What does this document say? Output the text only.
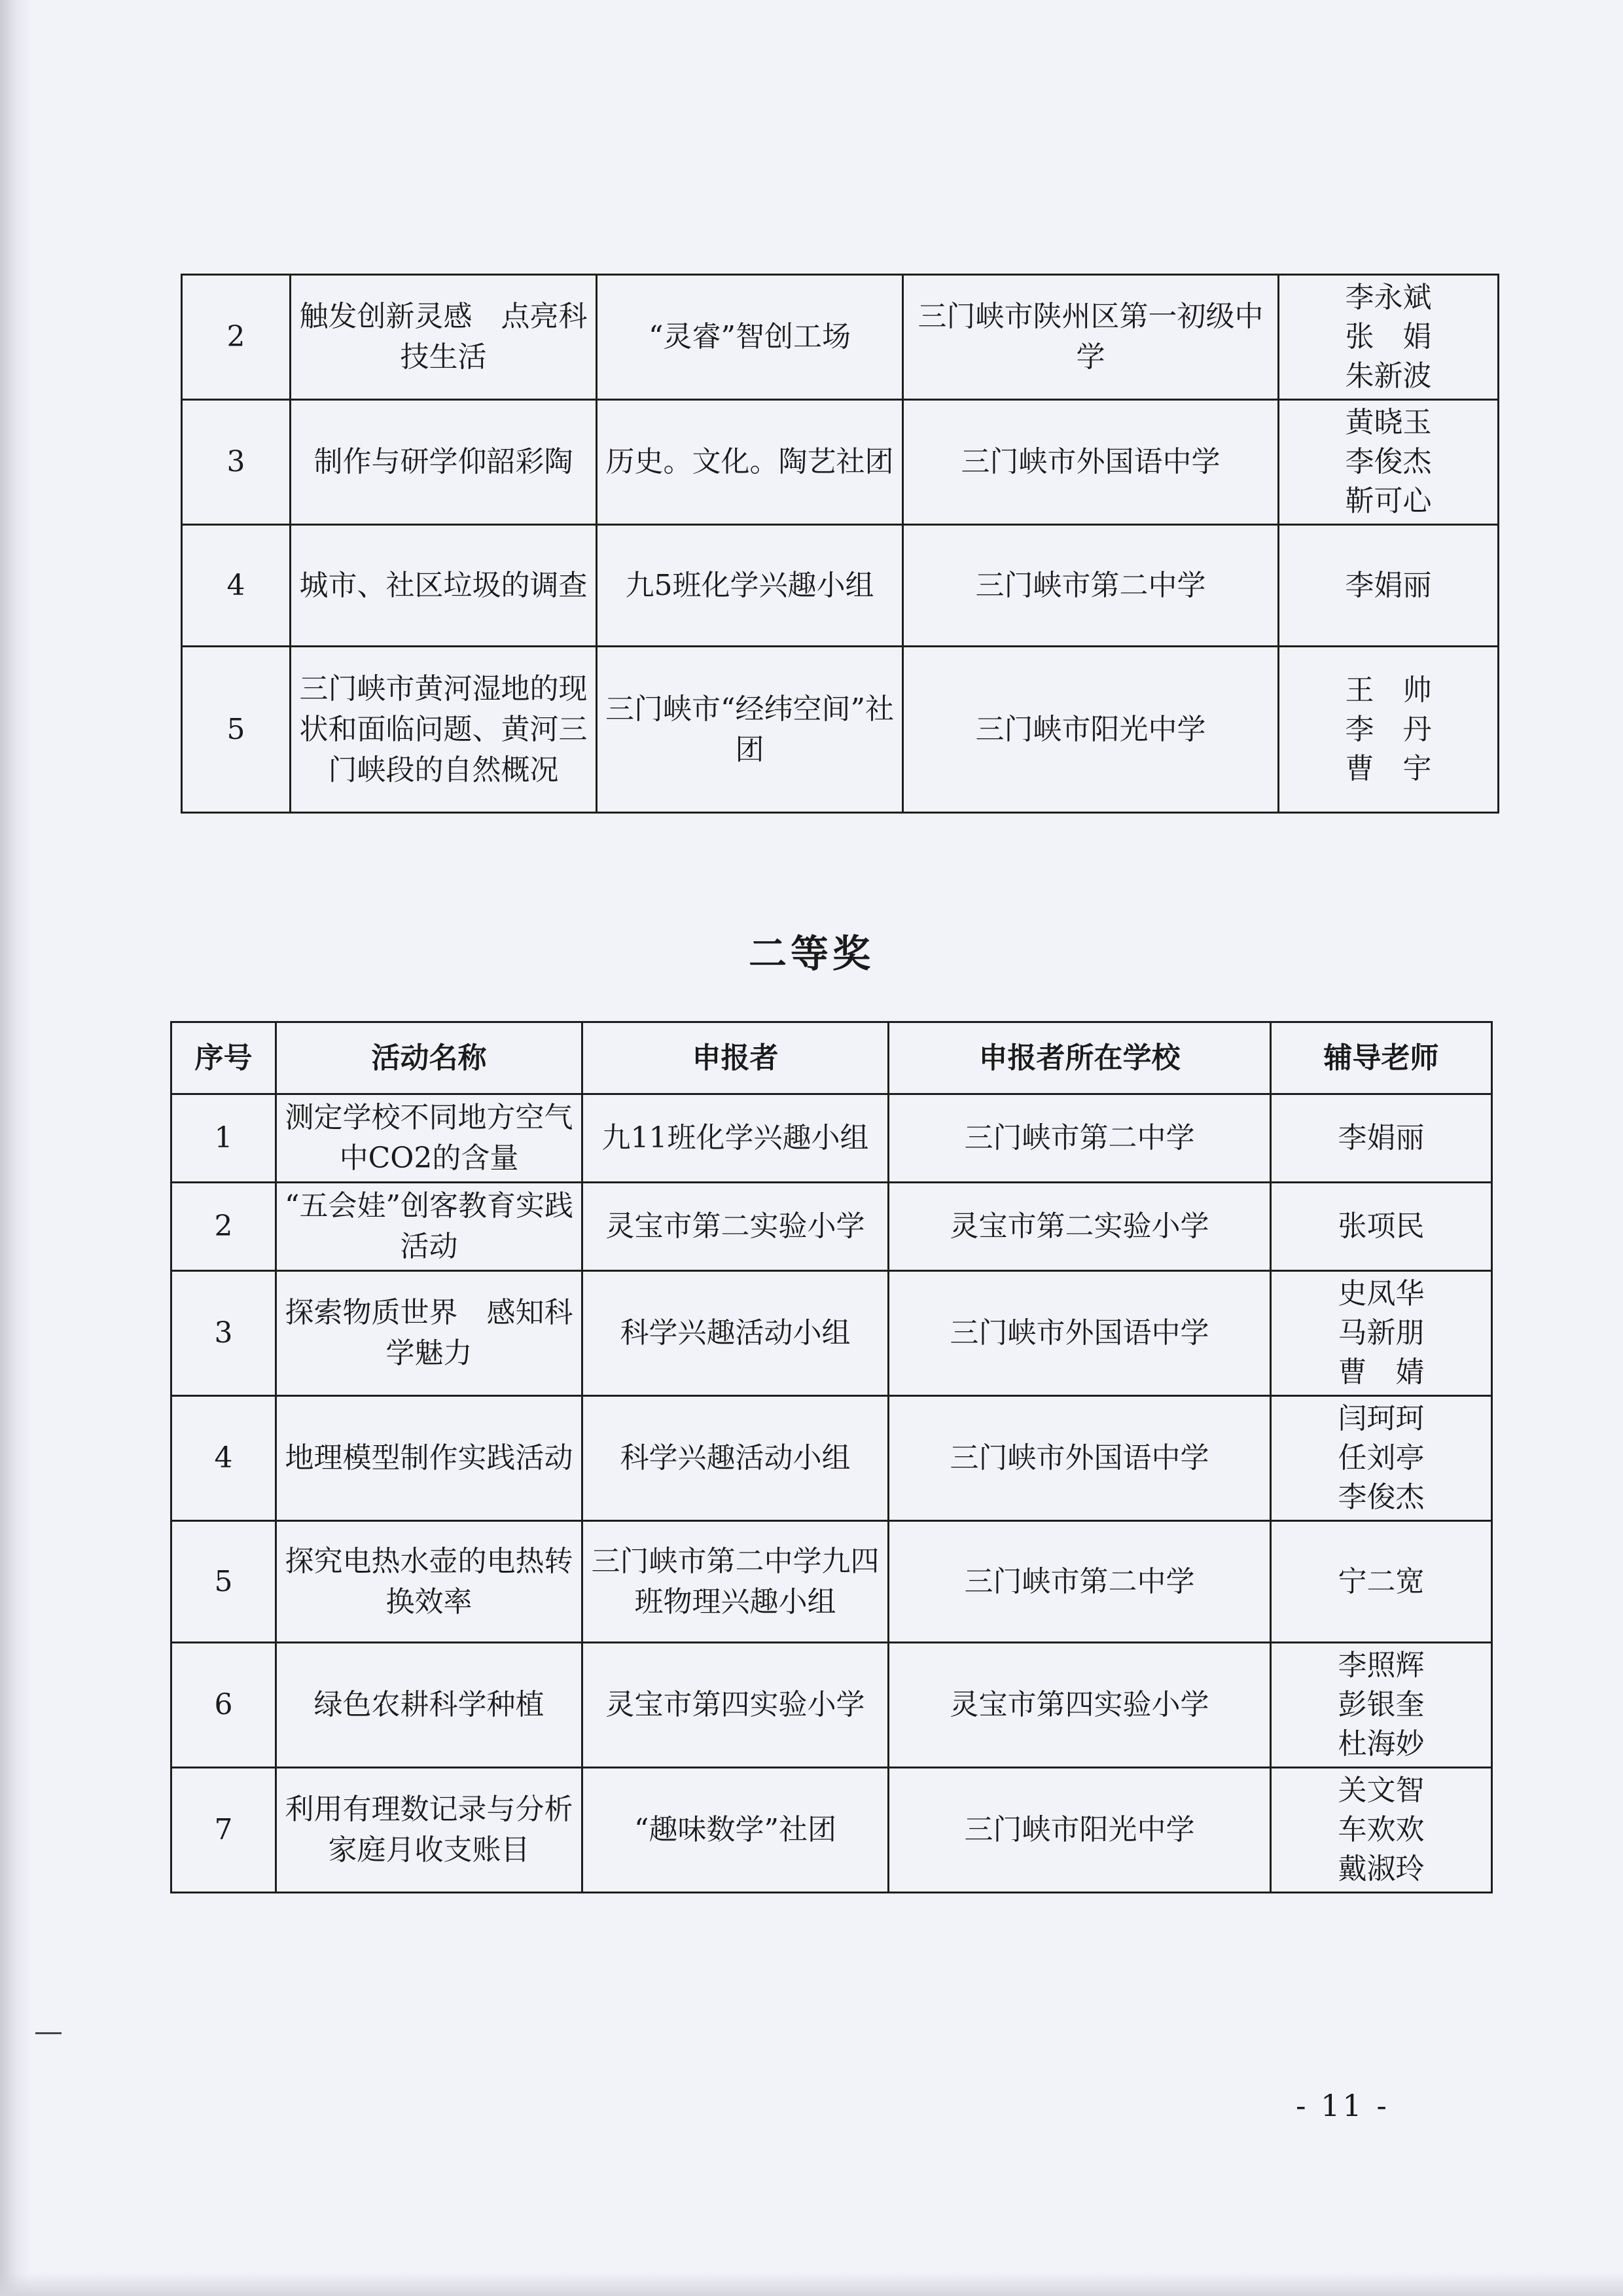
2	触发创新灵感　点亮科技生活	“灵睿”智创工场	三门峡市陕州区第一初级中学	李永斌
张　娟
朱新波

3	制作与研学仰韶彩陶	历史。文化。陶艺社团	三门峡市外国语中学	黄晓玉
李俊杰
靳可心

4	城市、社区垃圾的调查	九5班化学兴趣小组	三门峡市第二中学	李娟丽

5	三门峡市黄河湿地的现状和面临问题、黄河三门峡段的自然概况	三门峡市“经纬空间”社团	三门峡市阳光中学	王　帅
李　丹
曹　宇
二等奖
序号	活动名称	申报者	申报者所在学校	辅导老师
1	测定学校不同地方空气中CO2的含量	九11班化学兴趣小组	三门峡市第二中学	李娟丽

2	“五会娃”创客教育实践活动	灵宝市第二实验小学	灵宝市第二实验小学	张项民

3	探索物质世界　感知科学魅力	科学兴趣活动小组	三门峡市外国语中学	史凤华
马新朋
曹　婧

4	地理模型制作实践活动	科学兴趣活动小组	三门峡市外国语中学	闫珂珂
任刘亭
李俊杰

5	探究电热水壶的电热转换效率	三门峡市第二中学九四班物理兴趣小组	三门峡市第二中学	宁二宽

6	绿色农耕科学种植	灵宝市第四实验小学	灵宝市第四实验小学	李照辉
彭银奎
杜海妙

7	利用有理数记录与分析家庭月收支账目	“趣味数学”社团	三门峡市阳光中学	关文智
车欢欢
戴淑玲
- 11 -
